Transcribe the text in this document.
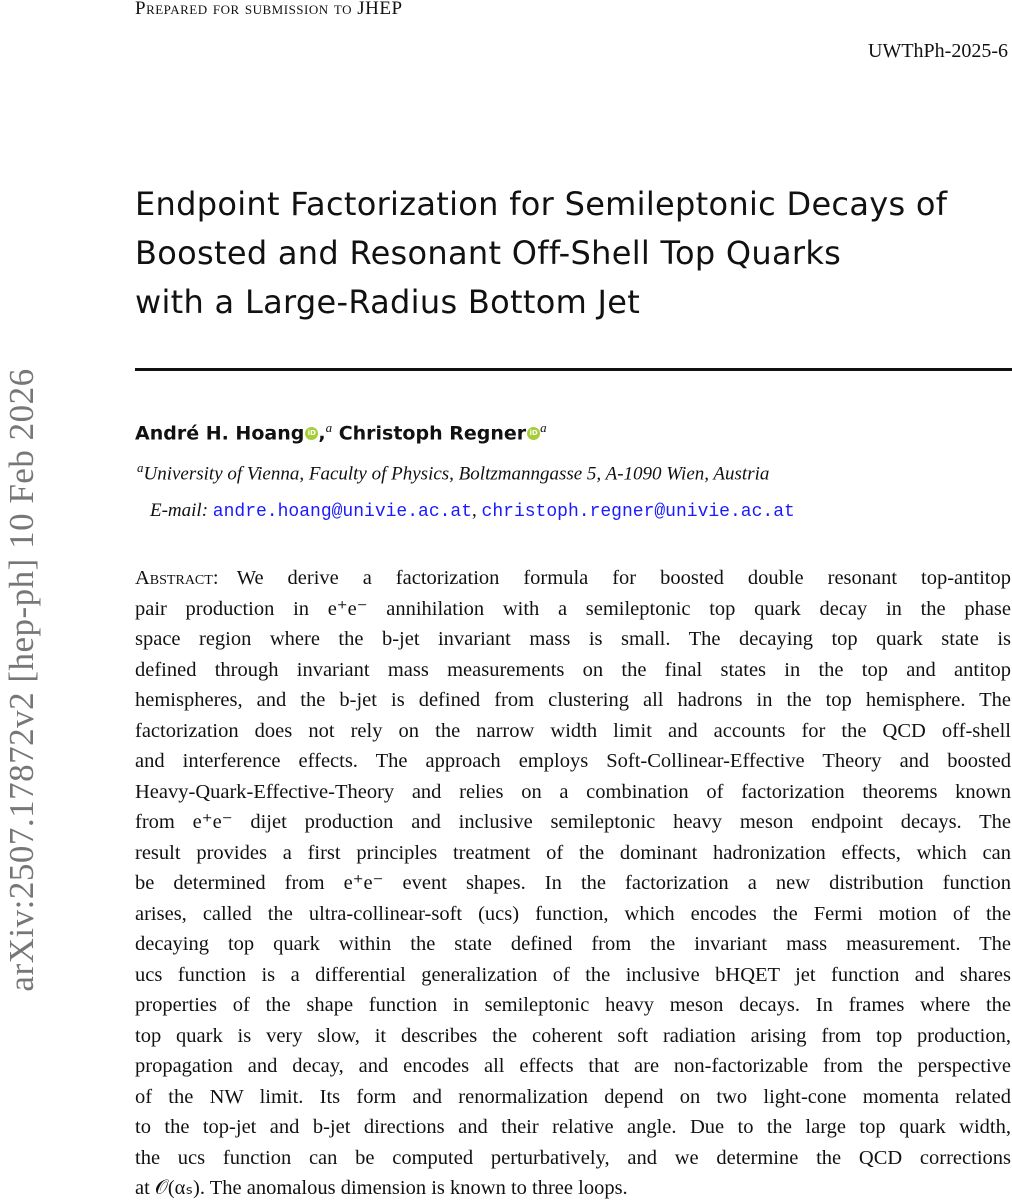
Prepared for submission to JHEP
UWThPh-2025-6
arXiv:2507.17872v2 [hep-ph] 10 Feb 2026
Endpoint Factorization for Semileptonic Decays of
Boosted and Resonant Off-Shell Top Quarks
with a Large-Radius Bottom Jet
André H. Hoang iD ,$^a$ Christoph Regner iD $^a$
$^a$University of Vienna, Faculty of Physics, Boltzmanngasse 5, A-1090 Wien, Austria
E-mail: andre.hoang@univie.ac.at, christoph.regner@univie.ac.at
Abstract:
We derive a factorization formula for boosted double resonant top-antitop
pair production in e⁺e⁻ annihilation with a semileptonic top quark decay in the phase
space region where the b-jet invariant mass is small. The decaying top quark state is
defined through invariant mass measurements on the final states in the top and antitop
hemispheres, and the b-jet is defined from clustering all hadrons in the top hemisphere. The
factorization does not rely on the narrow width limit and accounts for the QCD off-shell
and interference effects. The approach employs Soft-Collinear-Effective Theory and boosted
Heavy-Quark-Effective-Theory and relies on a combination of factorization theorems known
from e⁺e⁻ dijet production and inclusive semileptonic heavy meson endpoint decays. The
result provides a first principles treatment of the dominant hadronization effects, which can
be determined from e⁺e⁻ event shapes. In the factorization a new distribution function
arises, called the ultra-collinear-soft (ucs) function, which encodes the Fermi motion of the
decaying top quark within the state defined from the invariant mass measurement. The
ucs function is a differential generalization of the inclusive bHQET jet function and shares
properties of the shape function in semileptonic heavy meson decays. In frames where the
top quark is very slow, it describes the coherent soft radiation arising from top production,
propagation and decay, and encodes all effects that are non-factorizable from the perspective
of the NW limit. Its form and renormalization depend on two light-cone momenta related
to the top-jet and b-jet directions and their relative angle. Due to the large top quark width,
the ucs function can be computed perturbatively, and we determine the QCD corrections
at 𝒪(αₛ). The anomalous dimension is known to three loops.
